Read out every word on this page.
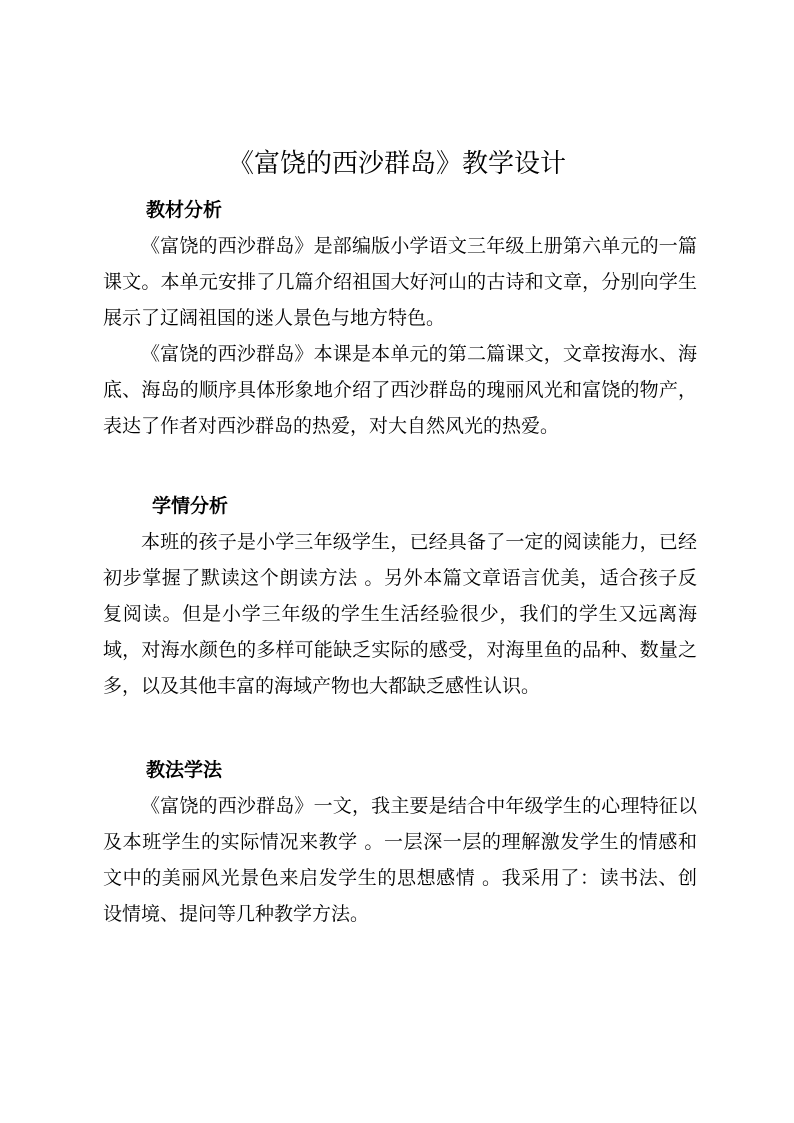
《富饶的西沙群岛》教学设计
教材分析

《富饶的西沙群岛》是部编版小学语文三年级上册第六单元的一篇课文。本单元安排了几篇介绍祖国大好河山的古诗和文章，分别向学生展示了辽阔祖国的迷人景色与地方特色。

《富饶的西沙群岛》本课是本单元的第二篇课文，文章按海水、海底、海岛的顺序具体形象地介绍了西沙群岛的瑰丽风光和富饶的物产，表达了作者对西沙群岛的热爱，对大自然风光的热爱。

学情分析

本班的孩子是小学三年级学生，已经具备了一定的阅读能力，已经初步掌握了默读这个朗读方法 。另外本篇文章语言优美，适合孩子反复阅读。但是小学三年级的学生生活经验很少，我们的学生又远离海域，对海水颜色的多样可能缺乏实际的感受，对海里鱼的品种、数量之多，以及其他丰富的海域产物也大都缺乏感性认识。

教法学法

《富饶的西沙群岛》一文，我主要是结合中年级学生的心理特征以及本班学生的实际情况来教学 。一层深一层的理解激发学生的情感和文中的美丽风光景色来启发学生的思想感情 。我采用了：读书法、创设情境、提问等几种教学方法。
